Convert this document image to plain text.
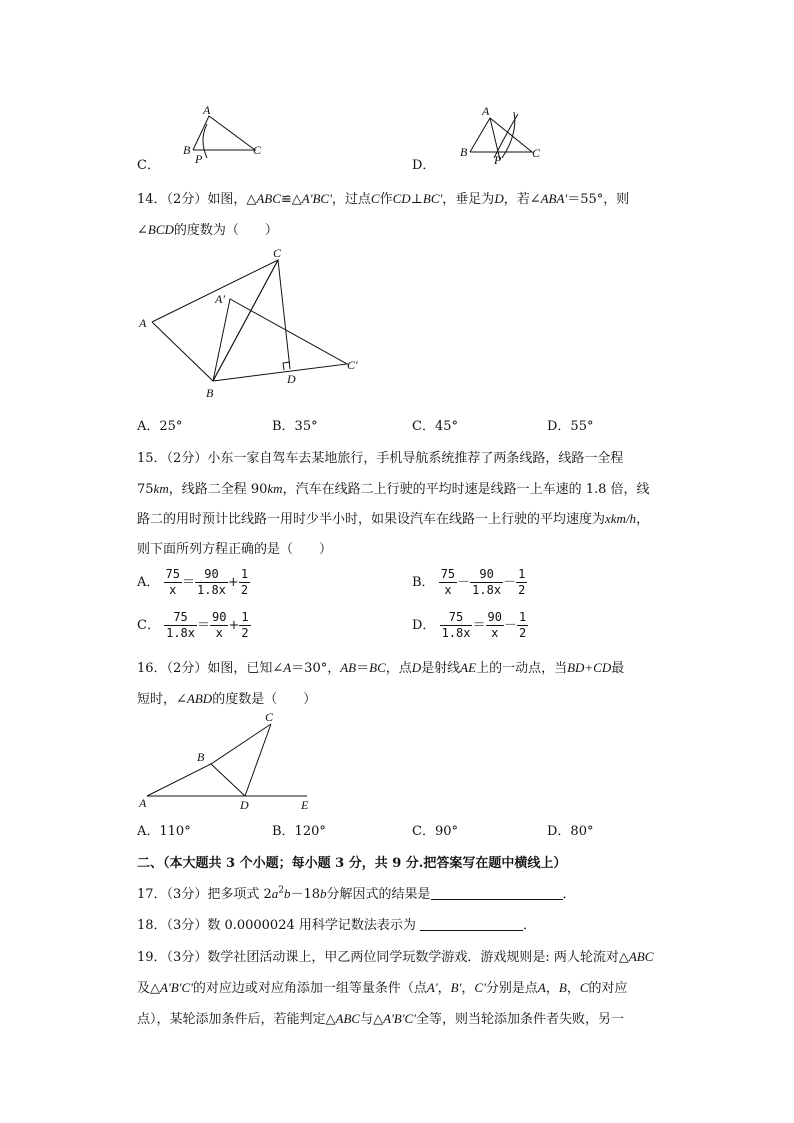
C．
A
B
P
C
D．
A
B
P	C
14．（2分）如图，△ABC≌△A'BC'，过点C作CD⊥BC'，垂足为D，若∠ABA'＝55°，则
∠BCD的度数为（　　）
A
A′
C
B
D
C′
A．25°	B．35°	C．45°	D．55°
15．（2分）小东一家自驾车去某地旅行，手机导航系统推荐了两条线路，线路一全程
75km，线路二全程 90km，汽车在线路二上行驶的平均时速是线路一上车速的 1.8 倍，线
路二的用时预计比线路一用时少半小时，如果设汽车在线路一上行驶的平均速度为xkm/h，
则下面所列方程正确的是（　　）
A． $\frac{75}{x} = \frac{90}{1.8x} + \frac{1}{2}$	B． $\frac{75}{x} - \frac{90}{1.8x} - \frac{1}{2}$
C． $\frac{75}{1.8x} = \frac{90}{x} + \frac{1}{2}$	D． $\frac{75}{1.8x} = \frac{90}{x} - \frac{1}{2}$
16．（2分）如图，已知∠A＝30°，AB＝BC，点D是射线AE上的一动点，当BD+CD最
短时，∠ABD的度数是（　　）
C
B
A	D	E
A．110°	B．120°	C．90°	D．80°
二、（本大题共 3 个小题；每小题 3 分，共 9 分.把答案写在题中横线上）
17．（3分）把多项式 $2a^2b-18b$分解因式的结果是	．
18．（3分）数 0.0000024 用科学记数法表示为	．
19．（3分）数学社团活动课上，甲乙两位同学玩数学游戏．游戏规则是: 两人轮流对△ABC
及△A'B'C'的对应边或对应角添加一组等量条件（点A'，B'，C'分别是点A，B，C的对应
点），某轮添加条件后，若能判定△ABC与△A'B'C'全等，则当轮添加条件者失败，另一
